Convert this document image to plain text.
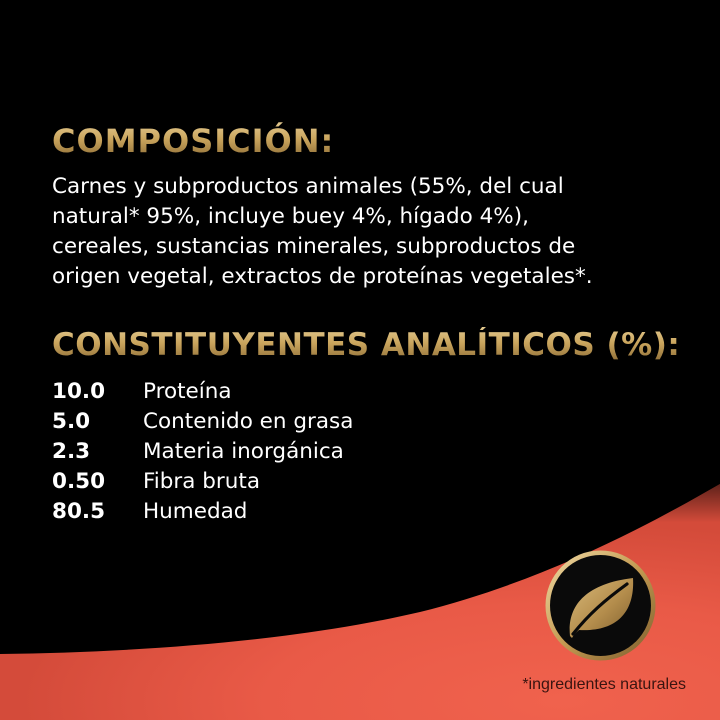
COMPOSICIÓN:
Carnes y subproductos animales (55%, del cual
natural* 95%, incluye buey 4%, hígado 4%),
cereales, sustancias minerales, subproductos de
origen vegetal, extractos de proteínas vegetales*.
CONSTITUYENTES ANALÍTICOS (%):
10.0	Proteína
5.0	Contenido en grasa
2.3	Materia inorgánica
0.50	Fibra bruta
80.5	Humedad
*ingredientes naturales
